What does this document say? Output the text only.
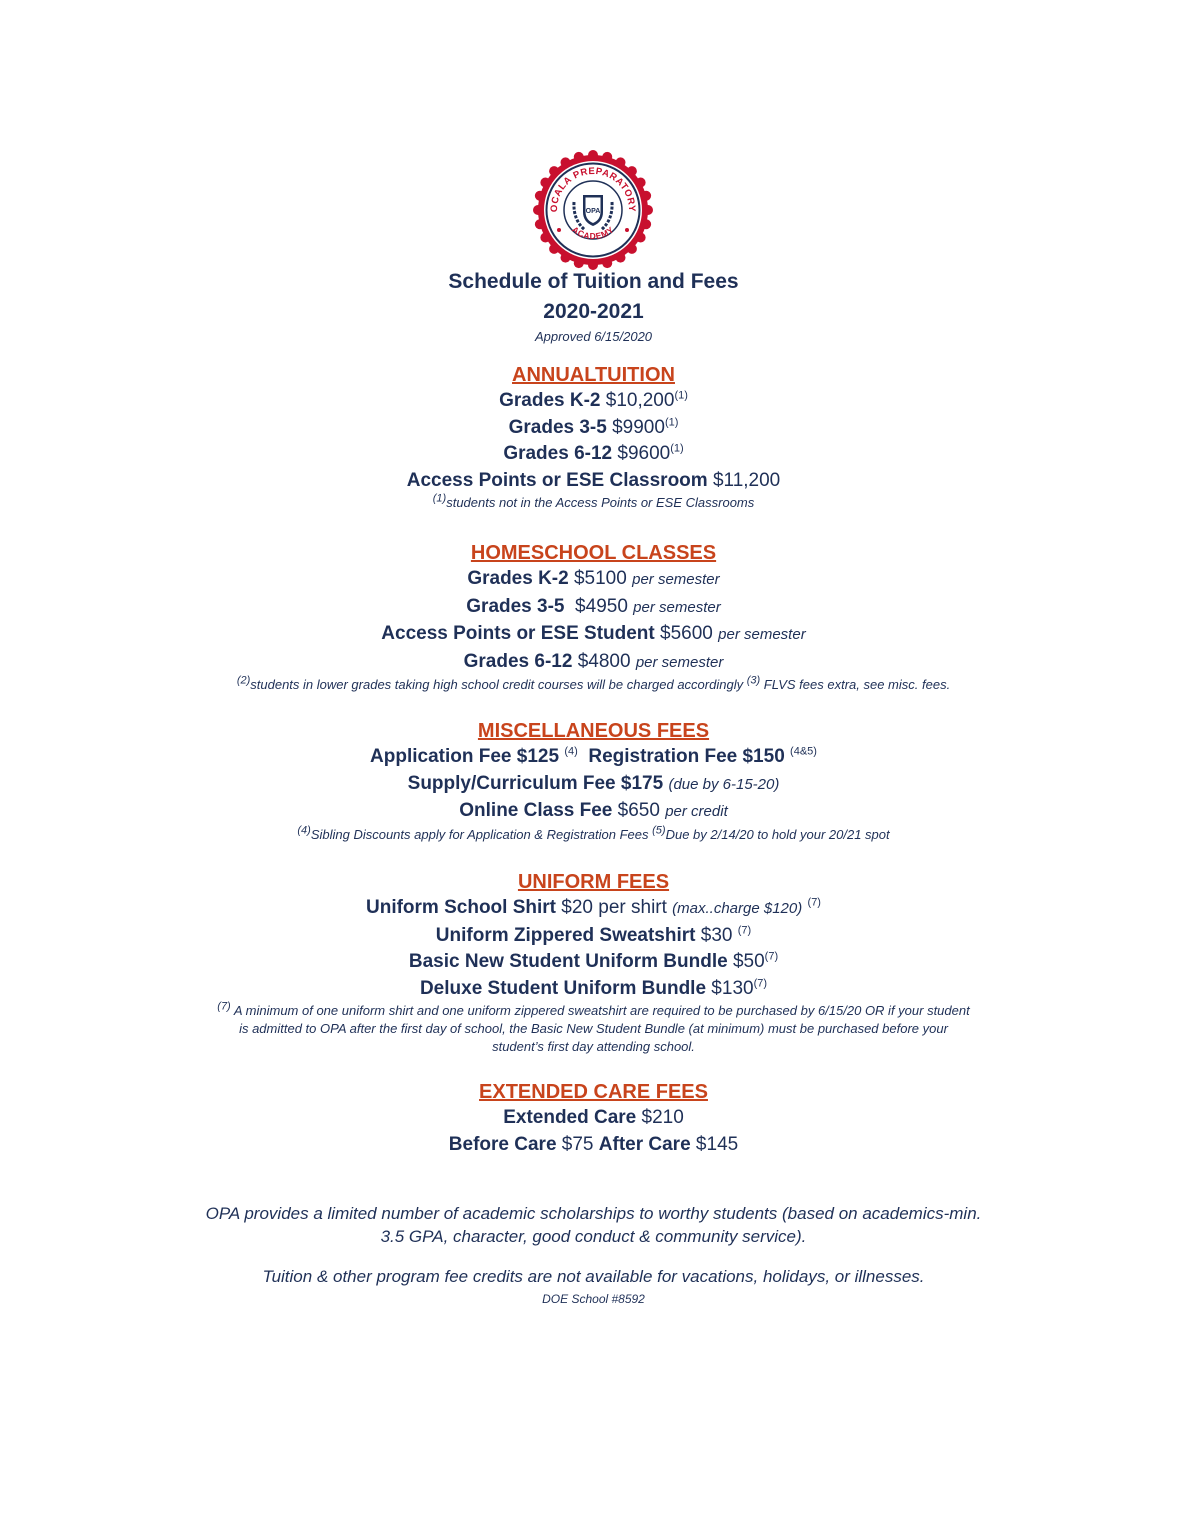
OCALA PREPARATORY
ACADEMY
OPA
Schedule of Tuition and Fees
2020-2021
Approved 6/15/2020
ANNUALTUITION
Grades K-2 $10,200$^{(1)}$
Grades 3-5 $9900$^{(1)}$
Grades 6-12 $9600$^{(1)}$
Access Points or ESE Classroom $11,200
$^{(1)}$students not in the Access Points or ESE Classrooms
HOMESCHOOL CLASSES
Grades K-2 $5100 per semester
Grades 3-5  $4950 per semester
Access Points or ESE Student $5600 per semester
Grades 6-12 $4800 per semester
$^{(2)}$students in lower grades taking high school credit courses will be charged accordingly $^{(3)}$ FLVS fees extra, see misc. fees.
MISCELLANEOUS FEES
Application Fee $125 $^{(4)}$ Registration Fee $150 $^{(4\&5)}$
Supply/Curriculum Fee $175 (due by 6-15-20)
Online Class Fee $650 per credit
$^{(4)}$Sibling Discounts apply for Application & Registration Fees $^{(5)}$Due by 2/14/20 to hold your 20/21 spot
UNIFORM FEES
Uniform School Shirt $20 per shirt (max..charge $120) $^{(7)}$
Uniform Zippered Sweatshirt $30 $^{(7)}$
Basic New Student Uniform Bundle $50$^{(7)}$
Deluxe Student Uniform Bundle $130$^{(7)}$
$^{(7)}$ A minimum of one uniform shirt and one uniform zippered sweatshirt are required to be purchased by 6/15/20 OR if your student
is admitted to OPA after the first day of school, the Basic New Student Bundle (at minimum) must be purchased before your
student’s first day attending school.
EXTENDED CARE FEES
Extended Care $210
Before Care $75 After Care $145
OPA provides a limited number of academic scholarships to worthy students (based on academics-min.
3.5 GPA, character, good conduct & community service).
Tuition & other program fee credits are not available for vacations, holidays, or illnesses.
DOE School #8592
